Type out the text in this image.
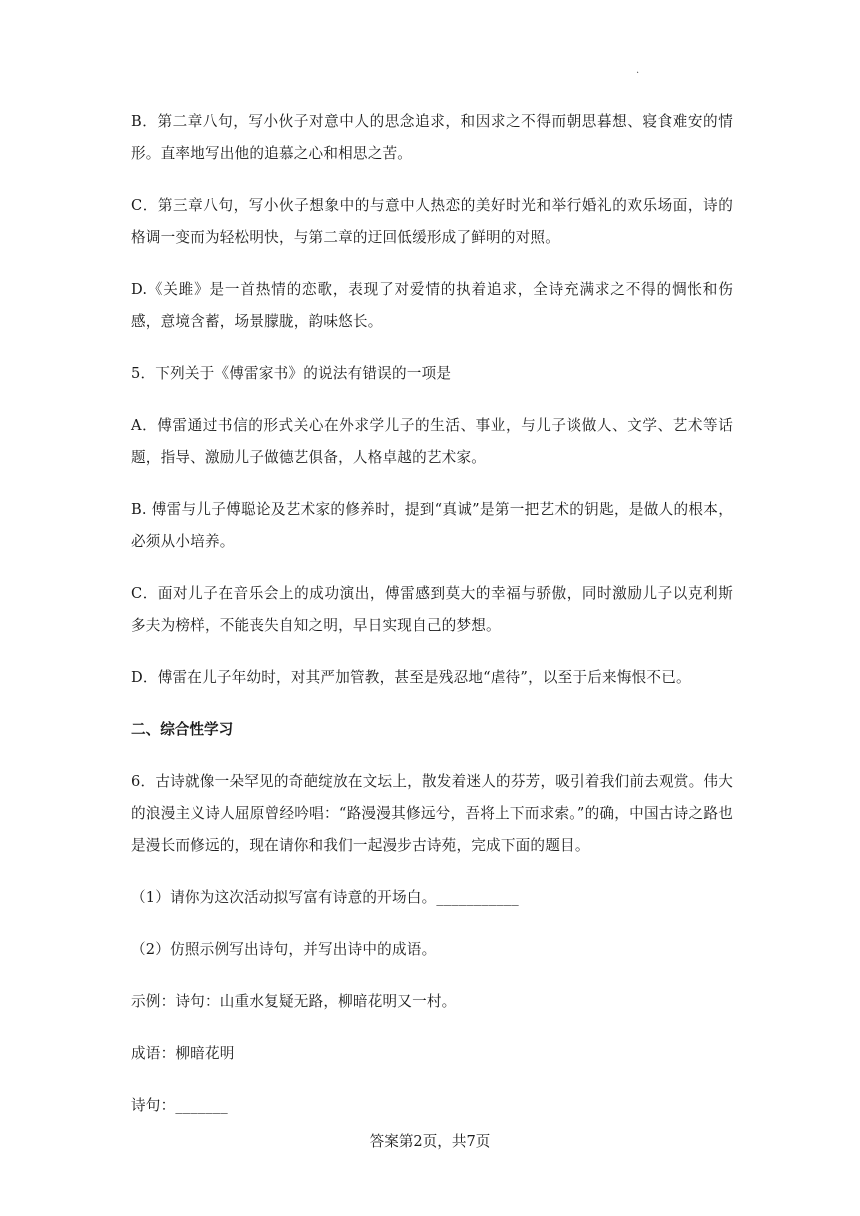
.

B．第二章八句，写小伙子对意中人的思念追求，和因求之不得而朝思暮想、寝食难安的情形。直率地写出他的追慕之心和相思之苦。

C．第三章八句，写小伙子想象中的与意中人热恋的美好时光和举行婚礼的欢乐场面，诗的格调一变而为轻松明快，与第二章的迂回低缓形成了鲜明的对照。

D.《关雎》是一首热情的恋歌，表现了对爱情的执着追求，全诗充满求之不得的惆怅和伤感，意境含蓄，场景朦胧，韵味悠长。

5．下列关于《傅雷家书》的说法有错误的一项是

A．傅雷通过书信的形式关心在外求学儿子的生活、事业，与儿子谈做人、文学、艺术等话题，指导、激励儿子做德艺俱备，人格卓越的艺术家。

B. 傅雷与儿子傅聪论及艺术家的修养时，提到“真诚”是第一把艺术的钥匙，是做人的根本，必须从小培养。

C．面对儿子在音乐会上的成功演出，傅雷感到莫大的幸福与骄傲，同时激励儿子以克利斯多夫为榜样，不能丧失自知之明，早日实现自己的梦想。

D．傅雷在儿子年幼时，对其严加管教，甚至是残忍地“虐待”，以至于后来悔恨不已。

二、综合性学习

6．古诗就像一朵罕见的奇葩绽放在文坛上，散发着迷人的芬芳，吸引着我们前去观赏。伟大的浪漫主义诗人屈原曾经吟唱：“路漫漫其修远兮，吾将上下而求索。”的确，中国古诗之路也是漫长而修远的，现在请你和我们一起漫步古诗苑，完成下面的题目。

（1）请你为这次活动拟写富有诗意的开场白。___________

（2）仿照示例写出诗句，并写出诗中的成语。

示例：诗句：山重水复疑无路，柳暗花明又一村。

成语：柳暗花明

诗句：_______

答案第2页，共7页
